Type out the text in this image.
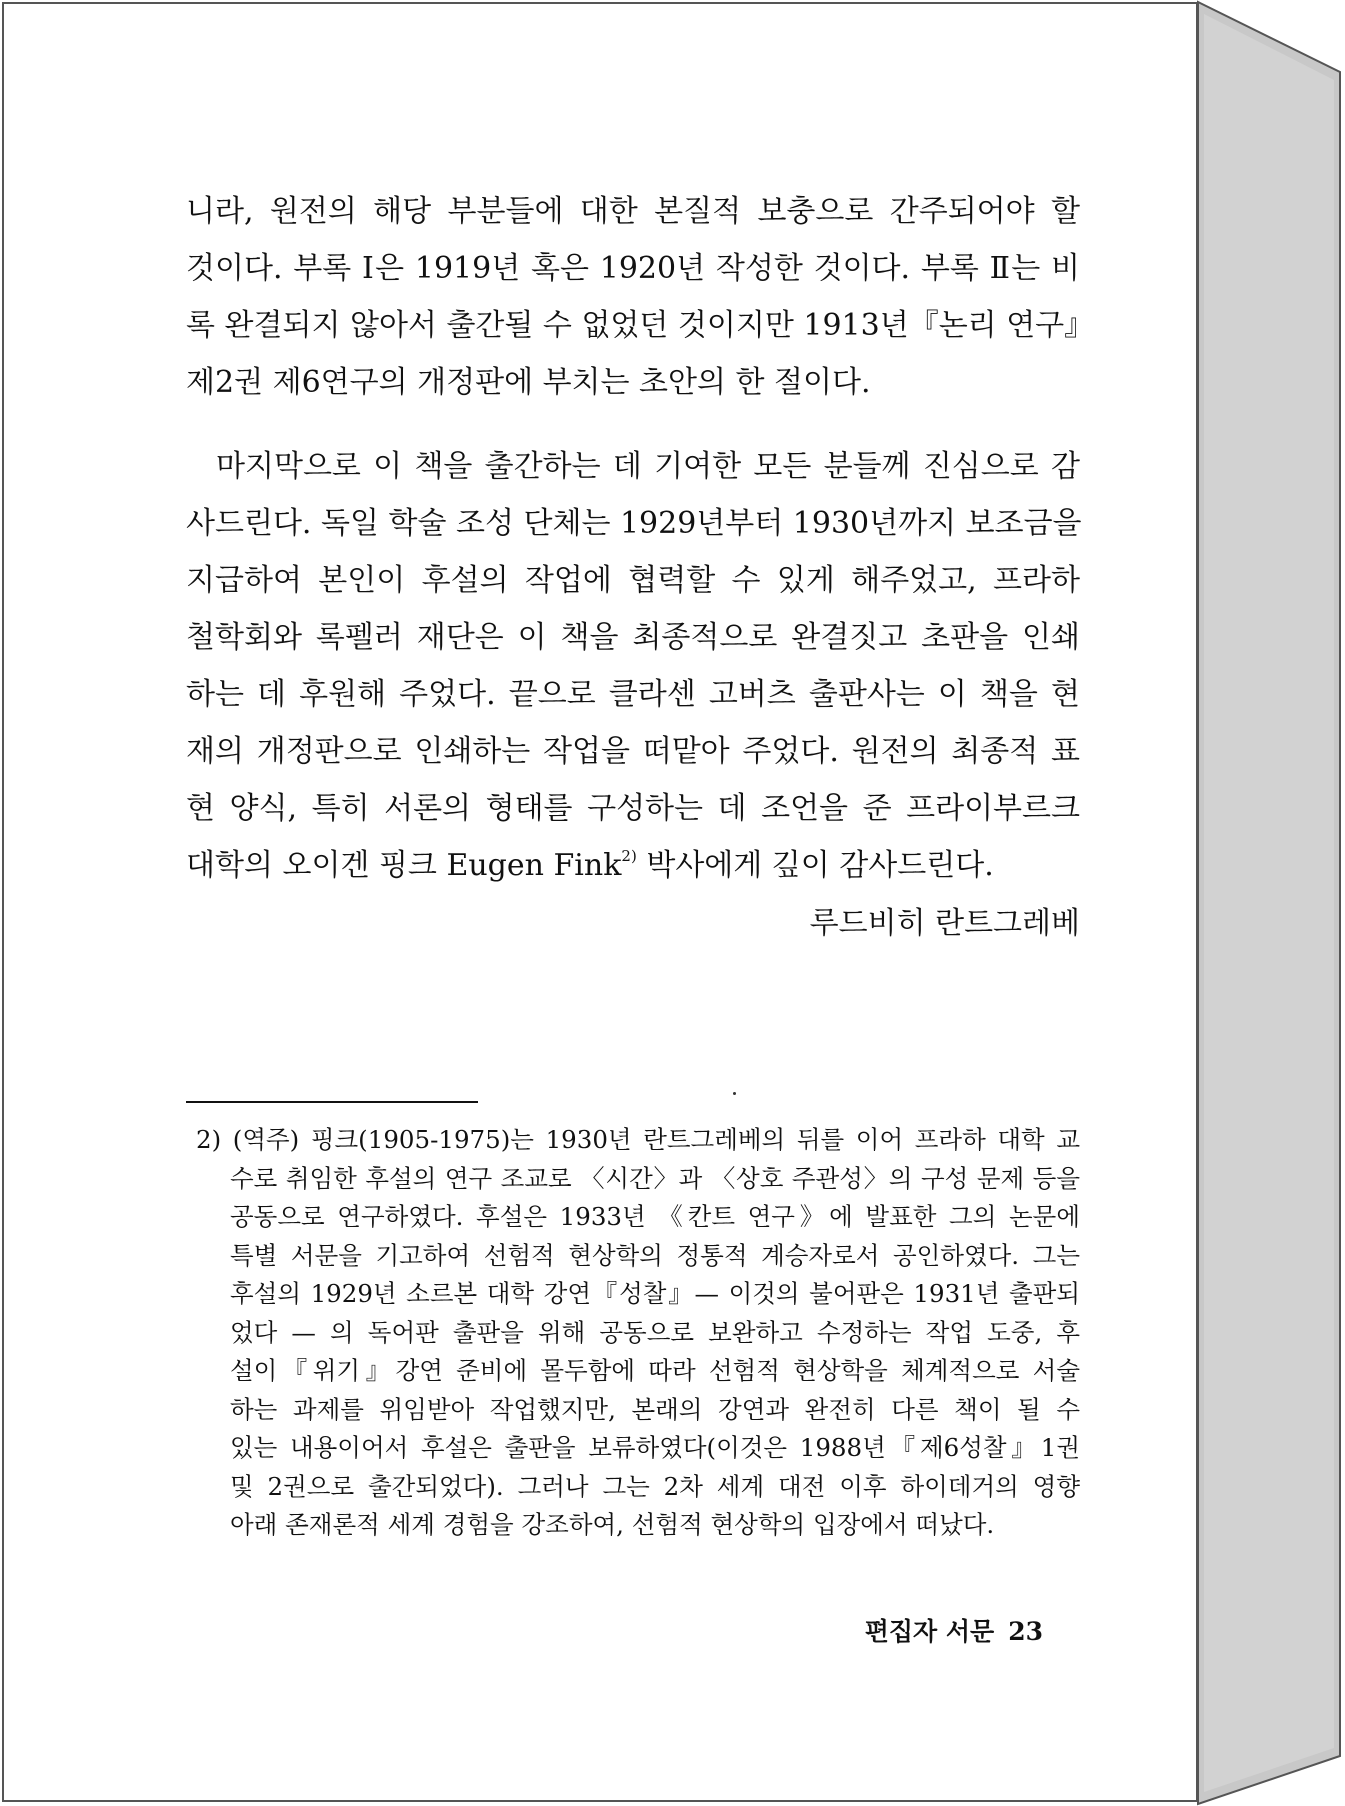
니라, 원전의 해당 부분들에 대한 본질적 보충으로 간주되어야 할
것이다. 부록 Ⅰ은 1919년 혹은 1920년 작성한 것이다. 부록 Ⅱ는 비
록 완결되지 않아서 출간될 수 없었던 것이지만 1913년『논리 연구』
제2권 제6연구의 개정판에 부치는 초안의 한 절이다.

마지막으로 이 책을 출간하는 데 기여한 모든 분들께 진심으로 감
사드린다. 독일 학술 조성 단체는 1929년부터 1930년까지 보조금을
지급하여 본인이 후설의 작업에 협력할 수 있게 해주었고, 프라하
철학회와 록펠러 재단은 이 책을 최종적으로 완결짓고 초판을 인쇄
하는 데 후원해 주었다. 끝으로 클라센 고버츠 출판사는 이 책을 현
재의 개정판으로 인쇄하는 작업을 떠맡아 주었다. 원전의 최종적 표
현 양식, 특히 서론의 형태를 구성하는 데 조언을 준 프라이부르크
대학의 오이겐 핑크 Eugen Fink$^{2)}$ 박사에게 깊이 감사드린다.

루드비히 란트그레베
2) (역주) 핑크(1905-1975)는 1930년 란트그레베의 뒤를 이어 프라하 대학 교
수로 취임한 후설의 연구 조교로 〈시간〉과 〈상호 주관성〉의 구성 문제 등을
공동으로 연구하였다. 후설은 1933년 《칸트 연구》에 발표한 그의 논문에
특별 서문을 기고하여 선험적 현상학의 정통적 계승자로서 공인하였다. 그는
후설의 1929년 소르본 대학 강연『성찰』— 이것의 불어판은 1931년 출판되
었다 — 의 독어판 출판을 위해 공동으로 보완하고 수정하는 작업 도중, 후
설이『위기』강연 준비에 몰두함에 따라 선험적 현상학을 체계적으로 서술
하는 과제를 위임받아 작업했지만, 본래의 강연과 완전히 다른 책이 될 수
있는 내용이어서 후설은 출판을 보류하였다(이것은 1988년『제6성찰』1권
및 2권으로 출간되었다). 그러나 그는 2차 세계 대전 이후 하이데거의 영향
아래 존재론적 세계 경험을 강조하여, 선험적 현상학의 입장에서 떠났다.
편집자 서문 23
